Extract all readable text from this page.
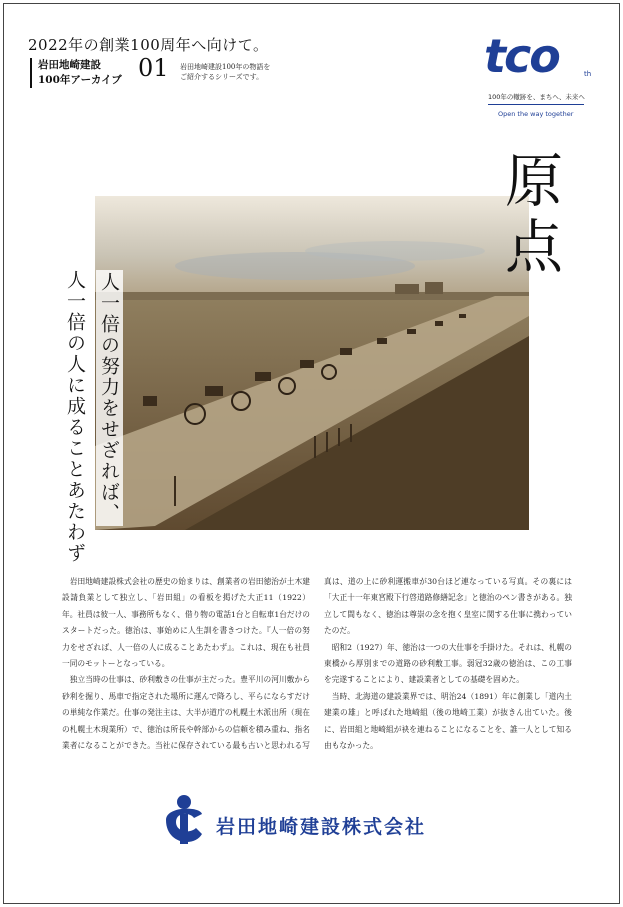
2022年の創業100周年へ向けて。
岩田地崎建設
100年アーカイブ 01 岩田地崎建設100年の物語を
ご紹介するシリーズです。	tco	th
100年の轍跡を、まちへ、未来へ
Open the way together
原点
人一倍の努力をせざれば、
人一倍の人に成ることあたわず

岩田地崎建設株式会社の歴史の始まりは、創業者の岩田徳治が土木建設請負業として独立し、「岩田組」の看板を掲げた大正11（1922）年。社員は彼一人、事務所もなく、借り物の電話1台と自転車1台だけのスタートだった。徳治は、事始めに人生訓を書きつけた。『人一倍の努力をせざれば、人一倍の人に成ることあたわず』。これは、現在も社員一同のモットーとなっている。

独立当時の仕事は、砂利敷きの仕事が主だった。豊平川の河川敷から砂利を掘り、馬車で指定された場所に運んで降ろし、平らにならすだけの単純な作業だ。仕事の発注主は、大半が道庁の札幌土木派出所（現在の札幌土木現業所）で、徳治は所長や幹部からの信頼を積み重ね、指名業者になることができた。当社に保存されている最も古いと思われる写真は、道の上に砂利運搬車が30台ほど連なっている写真。その裏には「大正十一年東宮殿下行啓道路修繕記念」と徳治のペン書きがある。独立して間もなく、徳治は尊崇の念を抱く皇室に関する仕事に携わっていたのだ。

昭和2（1927）年、徳治は一つの大仕事を手掛けた。それは、札幌の東橋から厚別までの道路の砂利敷工事。弱冠32歳の徳治は、この工事を完遂することにより、建設業者としての基礎を固めた。

当時、北海道の建設業界では、明治24（1891）年に創業し「道内土建業の雄」と呼ばれた地崎組（後の地崎工業）が抜きん出ていた。後に、岩田組と地崎組が袂を連ねることになることを、誰一人として知る由もなかった。

岩田地崎建設株式会社
